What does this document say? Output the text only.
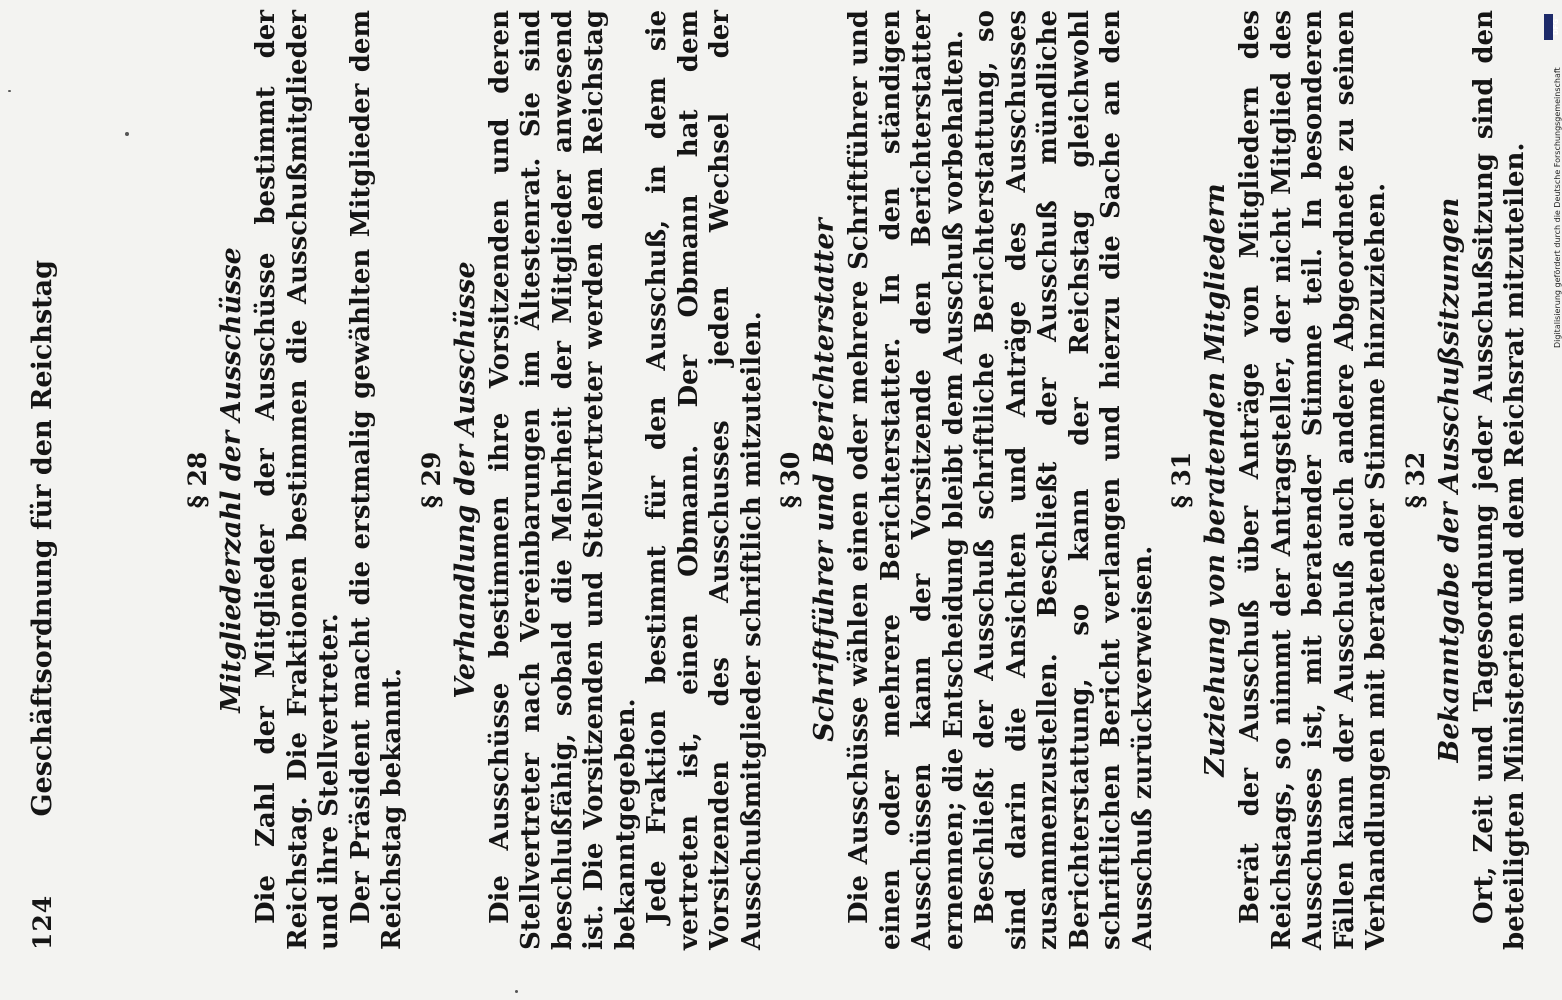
124
Geschäftsordnung für den Reichstag	§ 28 Mitgliederzahl der Ausschüsse Die Zahl der Mitglieder der Ausschüsse bestimmt der Reichstag. Die Fraktionen bestimmen die Ausschußmitglieder und ihre Stellvertreter. Der Präsident macht die erstmalig gewählten Mitglieder dem Reichstag bekannt.

§ 29 Verhandlung der Ausschüsse Die Ausschüsse bestimmen ihre Vorsitzenden und deren Stellvertreter nach Vereinbarungen im Ältestenrat. Sie sind beschlußfähig, sobald die Mehrheit der Mitglieder anwesend ist. Die Vorsitzenden und Stellvertreter werden dem Reichstag bekanntgegeben. Jede Fraktion bestimmt für den Ausschuß, in dem sie vertreten ist, einen Obmann. Der Obmann hat dem Vorsitzenden des Ausschusses jeden Wechsel der Ausschußmitglieder schriftlich mitzuteilen. § 30 Schriftführer und Berichterstatter Die Ausschüsse wählen einen oder mehrere Schriftführer und einen oder mehrere Berichterstatter. In den ständigen Ausschüssen kann der Vorsitzende den Berichterstatter ernennen; die Entscheidung bleibt dem Ausschuß vorbehalten. Beschließt der Ausschuß schriftliche Berichterstattung, so sind darin die Ansichten und Anträge des Ausschusses zusammenzustellen. Beschließt der Ausschuß mündliche Berichterstattung, so kann der Reichstag gleichwohl schriftlichen Bericht verlangen und hierzu die Sache an den Ausschuß zurückverweisen.

§ 31 Zuziehung von beratenden Mitgliedern Berät der Ausschuß über Anträge von Mitgliedern des Reichstags, so nimmt der Antragsteller, der nicht Mitglied des Ausschusses ist, mit beratender Stimme teil. In besonderen Fällen kann der Ausschuß auch andere Abgeordnete zu seinen Verhandlungen mit beratender Stimme hinzuziehen. § 32 Bekanntgabe der Ausschußsitzungen Ort, Zeit und Tagesordnung jeder Ausschußsitzung sind den beteiligten Ministerien und dem Reichsrat mitzuteilen.

DFG
Digitalisierung gefördert durch die Deutsche Forschungsgemeinschaft
